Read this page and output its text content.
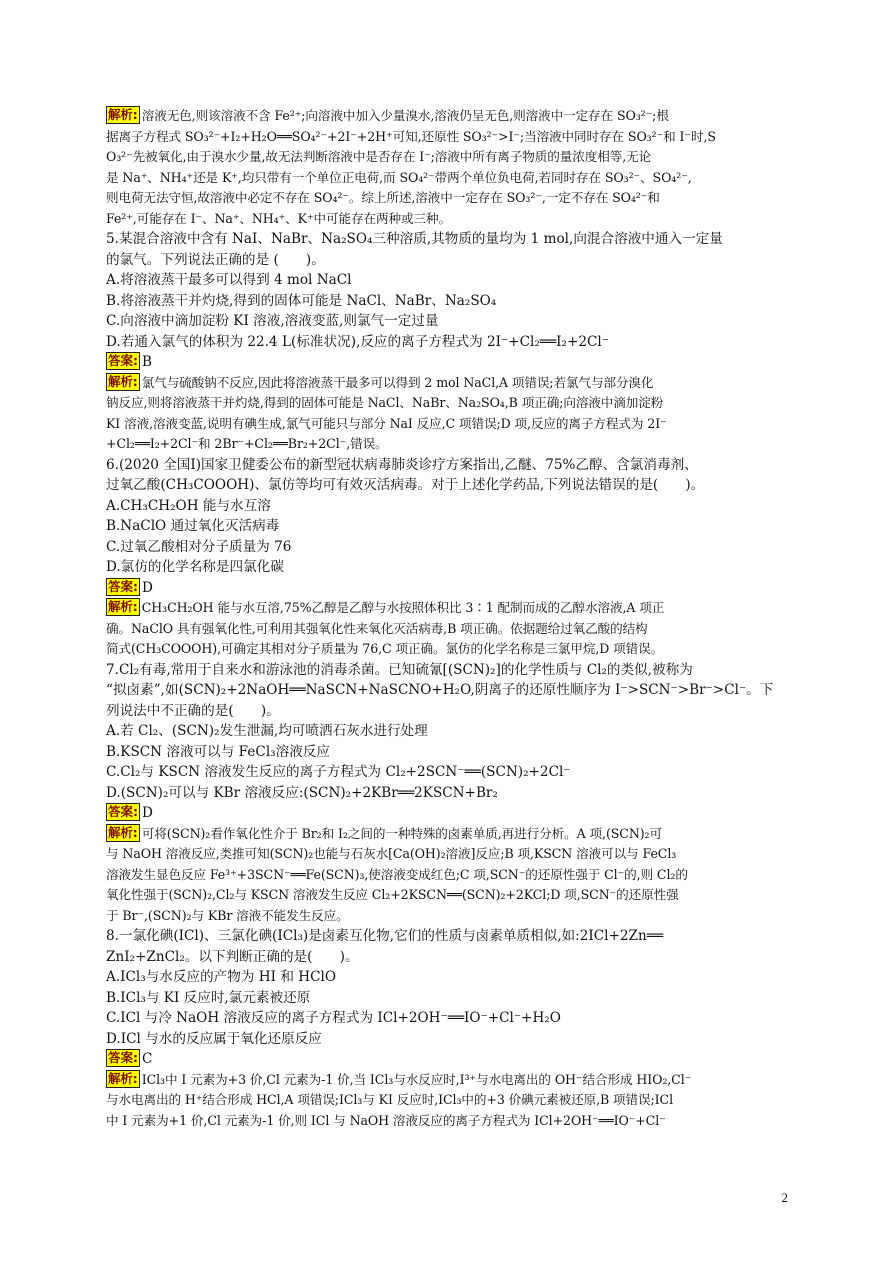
解析: 溶液无色,则该溶液不含 Fe²⁺;向溶液中加入少量溴水,溶液仍呈无色,则溶液中一定存在 SO₃²⁻;根
据离子方程式 SO₃²⁻+I₂+H₂O══SO₄²⁻+2I⁻+2H⁺可知,还原性 SO₃²⁻>I⁻;当溶液中同时存在 SO₃²⁻和 I⁻时,S
O₃²⁻先被氧化,由于溴水少量,故无法判断溶液中是否存在 I⁻;溶液中所有离子物质的量浓度相等,无论
是 Na⁺、NH₄⁺还是 K⁺,均只带有一个单位正电荷,而 SO₄²⁻带两个单位负电荷,若同时存在 SO₃²⁻、SO₄²⁻,
则电荷无法守恒,故溶液中必定不存在 SO₄²⁻。综上所述,溶液中一定存在 SO₃²⁻,一定不存在 SO₄²⁻和
Fe²⁺,可能存在 I⁻、Na⁺、NH₄⁺、K⁺中可能存在两种或三种。
5.某混合溶液中含有 NaI、NaBr、Na₂SO₄三种溶质,其物质的量均为 1 mol,向混合溶液中通入一定量
的氯气。下列说法正确的是 (　　)。
A.将溶液蒸干最多可以得到 4 mol NaCl
B.将溶液蒸干并灼烧,得到的固体可能是 NaCl、NaBr、Na₂SO₄
C.向溶液中滴加淀粉 KI 溶液,溶液变蓝,则氯气一定过量
D.若通入氯气的体积为 22.4 L(标准状况),反应的离子方程式为 2I⁻+Cl₂══I₂+2Cl⁻
答案: B
解析: 氯气与硫酸钠不反应,因此将溶液蒸干最多可以得到 2 mol NaCl,A 项错误;若氯气与部分溴化
钠反应,则将溶液蒸干并灼烧,得到的固体可能是 NaCl、NaBr、Na₂SO₄,B 项正确;向溶液中滴加淀粉
KI 溶液,溶液变蓝,说明有碘生成,氯气可能只与部分 NaI 反应,C 项错误;D 项,反应的离子方程式为 2I⁻
+Cl₂══I₂+2Cl⁻和 2Br⁻+Cl₂══Br₂+2Cl⁻,错误。
6.(2020 全国Ⅰ)国家卫健委公布的新型冠状病毒肺炎诊疗方案指出,乙醚、75%乙醇、含氯消毒剂、
过氧乙酸(CH₃COOOH)、氯仿等均可有效灭活病毒。对于上述化学药品,下列说法错误的是(　　)。
A.CH₃CH₂OH 能与水互溶
B.NaClO 通过氧化灭活病毒
C.过氧乙酸相对分子质量为 76
D.氯仿的化学名称是四氯化碳
答案: D
解析: CH₃CH₂OH 能与水互溶,75%乙醇是乙醇与水按照体积比 3∶1 配制而成的乙醇水溶液,A 项正
确。NaClO 具有强氧化性,可利用其强氧化性来氧化灭活病毒,B 项正确。依据题给过氧乙酸的结构
简式(CH₃COOOH),可确定其相对分子质量为 76,C 项正确。氯仿的化学名称是三氯甲烷,D 项错误。
7.Cl₂有毒,常用于自来水和游泳池的消毒杀菌。已知硫氰[(SCN)₂]的化学性质与 Cl₂的类似,被称为
“拟卤素”,如(SCN)₂+2NaOH══NaSCN+NaSCNO+H₂O,阴离子的还原性顺序为 I⁻>SCN⁻>Br⁻>Cl⁻。下
列说法中不正确的是(　　)。
A.若 Cl₂、(SCN)₂发生泄漏,均可喷洒石灰水进行处理
B.KSCN 溶液可以与 FeCl₃溶液反应
C.Cl₂与 KSCN 溶液发生反应的离子方程式为 Cl₂+2SCN⁻══(SCN)₂+2Cl⁻
D.(SCN)₂可以与 KBr 溶液反应:(SCN)₂+2KBr══2KSCN+Br₂
答案: D
解析: 可将(SCN)₂看作氧化性介于 Br₂和 I₂之间的一种特殊的卤素单质,再进行分析。A 项,(SCN)₂可
与 NaOH 溶液反应,类推可知(SCN)₂也能与石灰水[Ca(OH)₂溶液]反应;B 项,KSCN 溶液可以与 FeCl₃
溶液发生显色反应 Fe³⁺+3SCN⁻══Fe(SCN)₃,使溶液变成红色;C 项,SCN⁻的还原性强于 Cl⁻的,则 Cl₂的
氧化性强于(SCN)₂,Cl₂与 KSCN 溶液发生反应 Cl₂+2KSCN══(SCN)₂+2KCl;D 项,SCN⁻的还原性强
于 Br⁻,(SCN)₂与 KBr 溶液不能发生反应。
8.一氯化碘(ICl)、三氯化碘(ICl₃)是卤素互化物,它们的性质与卤素单质相似,如:2ICl+2Zn══
ZnI₂+ZnCl₂。以下判断正确的是(　　)。
A.ICl₃与水反应的产物为 HI 和 HClO
B.ICl₃与 KI 反应时,氯元素被还原
C.ICl 与冷 NaOH 溶液反应的离子方程式为 ICl+2OH⁻══IO⁻+Cl⁻+H₂O
D.ICl 与水的反应属于氧化还原反应
答案: C
解析: ICl₃中 I 元素为+3 价,Cl 元素为-1 价,当 ICl₃与水反应时,I³⁺与水电离出的 OH⁻结合形成 HIO₂,Cl⁻
与水电离出的 H⁺结合形成 HCl,A 项错误;ICl₃与 KI 反应时,ICl₃中的+3 价碘元素被还原,B 项错误;ICl
中 I 元素为+1 价,Cl 元素为-1 价,则 ICl 与 NaOH 溶液反应的离子方程式为 ICl+2OH⁻══IO⁻+Cl⁻
2
